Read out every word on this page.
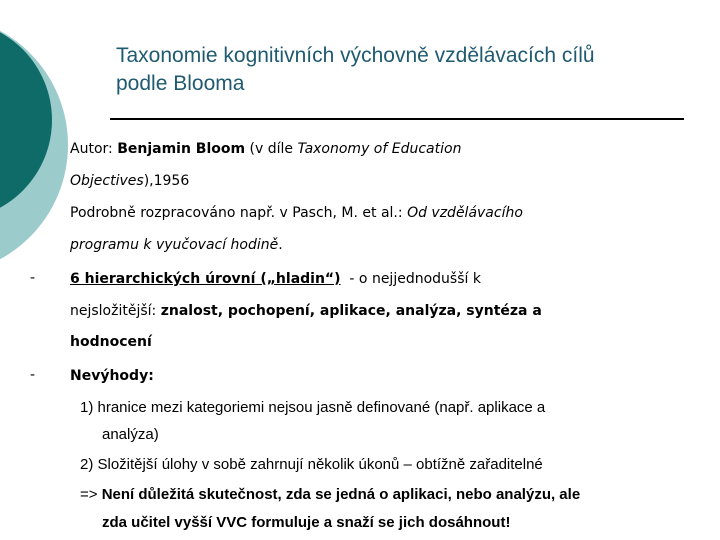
Taxonomie kognitivních výchovně vzdělávacích cílů
podle Blooma
Autor: Benjamin Bloom (v díle Taxonomy of Education
Objectives),1956
Podrobně rozpracováno např. v Pasch, M. et al.: Od vzdělávacího
programu k vyučovací hodině.
- 6 hierarchických úrovní („hladin“)  - o nejjednodušší k
nejsložitější: znalost, pochopení, aplikace, analýza, syntéza a
hodnocení
- Nevýhody:
1) hranice mezi kategoriemi nejsou jasně definované (např. aplikace a
analýza)
2) Složitější úlohy v sobě zahrnují několik úkonů – obtížně zařaditelné
=> Není důležitá skutečnost, zda se jedná o aplikaci, nebo analýzu, ale
zda učitel vyšší VVC formuluje a snaží se jich dosáhnout!
